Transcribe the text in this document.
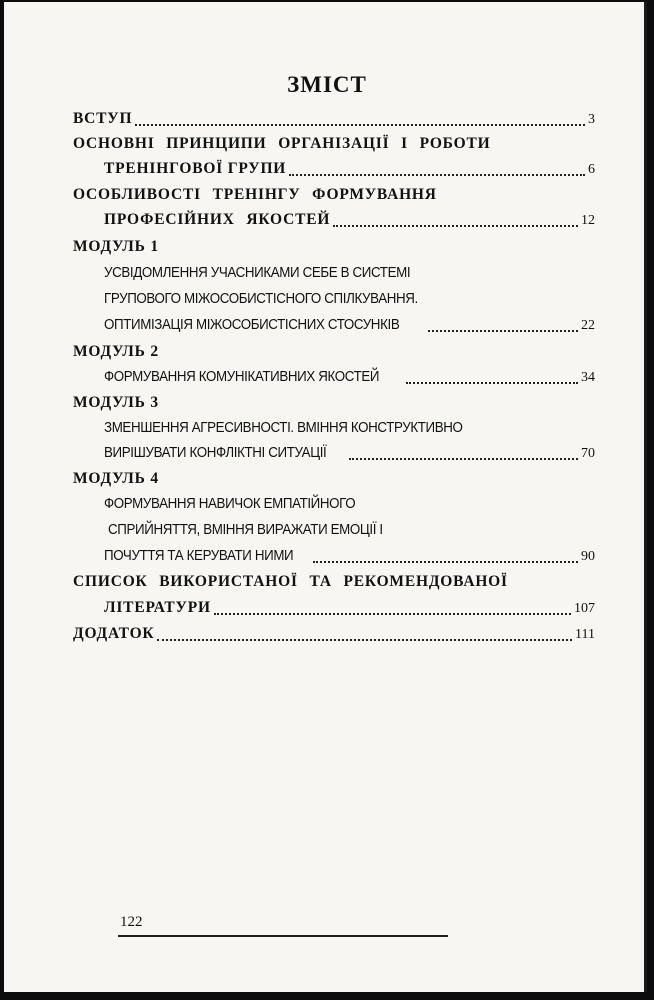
ЗМІСТ
ВСТУП	3
ОСНОВНІ ПРИНЦИПИ ОРГАНІЗАЦІЇ І РОБОТИ
ТРЕНІНГОВОЇ ГРУПИ	6
ОСОБЛИВОСТІ ТРЕНІНГУ ФОРМУВАННЯ
ПРОФЕСІЙНИХ ЯКОСТЕЙ	12
МОДУЛЬ 1
УСВІДОМЛЕННЯ УЧАСНИКАМИ СЕБЕ В СИСТЕМІ
ГРУПОВОГО МІЖОСОБИСТІСНОГО СПІЛКУВАННЯ.
ОПТИМІЗАЦІЯ МІЖОСОБИСТІСНИХ СТОСУНКІВ	22
МОДУЛЬ 2
ФОРМУВАННЯ КОМУНІКАТИВНИХ ЯКОСТЕЙ	34
МОДУЛЬ 3
ЗМЕНШЕННЯ АГРЕСИВНОСТІ. ВМІННЯ КОНСТРУКТИВНО
ВИРІШУВАТИ КОНФЛІКТНІ СИТУАЦІЇ	70
МОДУЛЬ 4
ФОРМУВАННЯ НАВИЧОК ЕМПАТІЙНОГО
СПРИЙНЯТТЯ, ВМІННЯ ВИРАЖАТИ ЕМОЦІЇ І
ПОЧУТТЯ ТА КЕРУВАТИ НИМИ	90
СПИСОК ВИКОРИСТАНОЇ ТА РЕКОМЕНДОВАНОЇ
ЛІТЕРАТУРИ	107
ДОДАТОК	111
122
